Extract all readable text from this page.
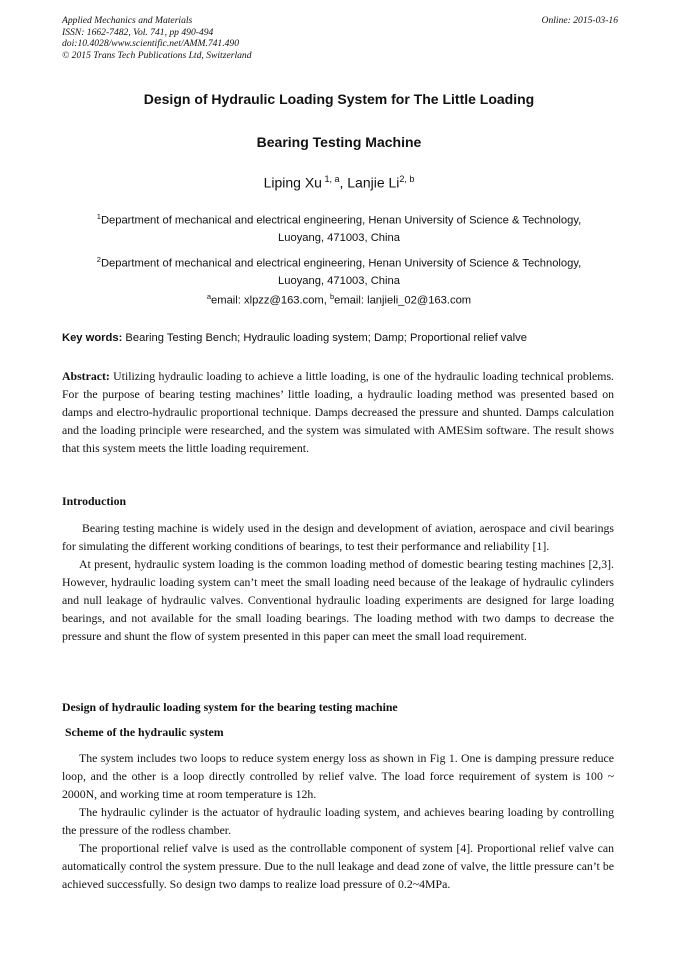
Applied Mechanics and Materials
ISSN: 1662-7482, Vol. 741, pp 490-494
doi:10.4028/www.scientific.net/AMM.741.490
© 2015 Trans Tech Publications Ltd, Switzerland
Online: 2015-03-16
Design of Hydraulic Loading System for The Little Loading
Bearing Testing Machine
Liping Xu $^{1, a}$, Lanjie Li$^{2, b}$
$^1$Department of mechanical and electrical engineering, Henan University of Science & Technology,
Luoyang, 471003, China
$^2$Department of mechanical and electrical engineering, Henan University of Science & Technology,
Luoyang, 471003, China
$^a$email: xlpzz@163.com, $^b$email: lanjieli_02@163.com
Key words: Bearing Testing Bench; Hydraulic loading system; Damp; Proportional relief valve

Abstract: Utilizing hydraulic loading to achieve a little loading, is one of the hydraulic loading technical problems. For the purpose of bearing testing machines’ little loading, a hydraulic loading method was presented based on damps and electro-hydraulic proportional technique. Damps decreased the pressure and shunted. Damps calculation and the loading principle were researched, and the system was simulated with AMESim software. The result shows that this system meets the little loading requirement.

Introduction

Bearing testing machine is widely used in the design and development of aviation, aerospace and civil bearings for simulating the different working conditions of bearings, to test their performance and reliability [1].

At present, hydraulic system loading is the common loading method of domestic bearing testing machines [2,3]. However, hydraulic loading system can’t meet the small loading need because of the leakage of hydraulic cylinders and null leakage of hydraulic valves. Conventional hydraulic loading experiments are designed for large loading bearings, and not available for the small loading bearings. The loading method with two damps to decrease the pressure and shunt the flow of system presented in this paper can meet the small load requirement.

Design of hydraulic loading system for the bearing testing machine
Scheme of the hydraulic system

The system includes two loops to reduce system energy loss as shown in Fig 1. One is damping pressure reduce loop, and the other is a loop directly controlled by relief valve. The load force requirement of system is 100 ~ 2000N, and working time at room temperature is 12h.

The hydraulic cylinder is the actuator of hydraulic loading system, and achieves bearing loading by controlling the pressure of the rodless chamber.

The proportional relief valve is used as the controllable component of system [4]. Proportional relief valve can automatically control the system pressure. Due to the null leakage and dead zone of valve, the little pressure can’t be achieved successfully. So design two damps to realize load pressure of 0.2~4MPa.
